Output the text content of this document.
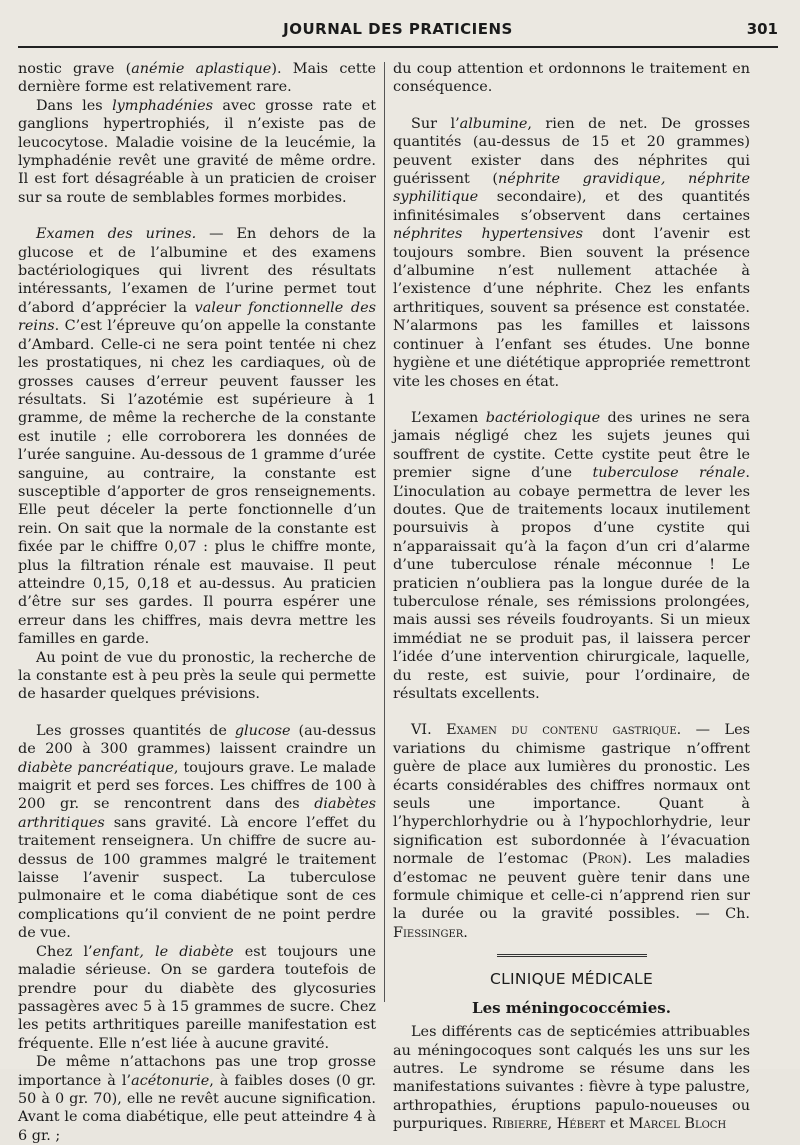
JOURNAL DES PRATICIENS	301

nostic grave (anémie aplastique). Mais cette dernière forme est relativement rare.

Dans les lymphadénies avec grosse rate et ganglions hypertrophiés, il n’existe pas de leucocytose. Maladie voisine de la leucémie, la lymphadénie revêt une gravité de même ordre. Il est fort désagréable à un praticien de croiser sur sa route de semblables formes morbides.

Examen des urines. — En dehors de la glucose et de l’albumine et des examens bactériologiques qui livrent des résultats intéressants, l’examen de l’urine permet tout d’abord d’apprécier la valeur fonctionnelle des reins. C’est l’épreuve qu’on appelle la constante d’Ambard. Celle-ci ne sera point tentée ni chez les prostatiques, ni chez les cardiaques, où de grosses causes d’erreur peuvent fausser les résultats. Si l’azotémie est supérieure à 1 gramme, de même la recherche de la constante est inutile ; elle corroborera les données de l’urée sanguine. Au-dessous de 1 gramme d’urée sanguine, au contraire, la constante est susceptible d’apporter de gros renseignements. Elle peut déceler la perte fonctionnelle d’un rein. On sait que la normale de la constante est fixée par le chiffre 0,07 : plus le chiffre monte, plus la filtration rénale est mauvaise. Il peut atteindre 0,15, 0,18 et au-dessus. Au praticien d’être sur ses gardes. Il pourra espérer une erreur dans les chiffres, mais devra mettre les familles en garde.

Au point de vue du pronostic, la recherche de la constante est à peu près la seule qui permette de hasarder quelques prévisions.

Les grosses quantités de glucose (au-dessus de 200 à 300 grammes) laissent craindre un diabète pancréatique, toujours grave. Le malade maigrit et perd ses forces. Les chiffres de 100 à 200 gr. se rencontrent dans des diabètes arthritiques sans gravité. Là encore l’effet du traitement renseignera. Un chiffre de sucre au-dessus de 100 grammes malgré le traitement laisse l’avenir suspect. La tuberculose pulmonaire et le coma diabétique sont de ces complications qu’il convient de ne point perdre de vue.

Chez l’enfant, le diabète est toujours une maladie sérieuse. On se gardera toutefois de prendre pour du diabète des glycosuries passagères avec 5 à 15 grammes de sucre. Chez les petits arthritiques pareille manifestation est fréquente. Elle n’est liée à aucune gravité.

De même n’attachons pas une trop grosse importance à l’acétonurie, à faibles doses (0 gr. 50 à 0 gr. 70), elle ne revêt aucune signification. Avant le coma diabétique, elle peut atteindre 4 à 6 gr. ;

du coup attention et ordonnons le traitement en conséquence.

Sur l’albumine, rien de net. De grosses quantités (au-dessus de 15 et 20 grammes) peuvent exister dans des néphrites qui guérissent (néphrite gravidique, néphrite syphilitique secondaire), et des quantités infinitésimales s’observent dans certaines néphrites hypertensives dont l’avenir est toujours sombre. Bien souvent la présence d’albumine n’est nullement attachée à l’existence d’une néphrite. Chez les enfants arthritiques, souvent sa présence est constatée. N’alarmons pas les familles et laissons continuer à l’enfant ses études. Une bonne hygiène et une diététique appropriée remettront vite les choses en état.

L’examen bactériologique des urines ne sera jamais négligé chez les sujets jeunes qui souffrent de cystite. Cette cystite peut être le premier signe d’une tuberculose rénale. L’inoculation au cobaye permettra de lever les doutes. Que de traitements locaux inutilement poursuivis à propos d’une cystite qui n’apparaissait qu’à la façon d’un cri d’alarme d’une tuberculose rénale méconnue ! Le praticien n’oubliera pas la longue durée de la tuberculose rénale, ses rémissions prolongées, mais aussi ses réveils foudroyants. Si un mieux immédiat ne se produit pas, il laissera percer l’idée d’une intervention chirurgicale, laquelle, du reste, est suivie, pour l’ordinaire, de résultats excellents.

VI. Examen du contenu gastrique. — Les variations du chimisme gastrique n’offrent guère de place aux lumières du pronostic. Les écarts considérables des chiffres normaux ont seuls une importance. Quant à l’hyperchlorhydrie ou à l’hypochlorhydrie, leur signification est subordonnée à l’évacuation normale de l’estomac (Pron). Les maladies d’estomac ne peuvent guère tenir dans une formule chimique et celle-ci n’apprend rien sur la durée ou la gravité possibles. — Ch. Fiessinger.

CLINIQUE MÉDICALE
Les méningococcémies.

Les différents cas de septicémies attribuables au méningocoques sont calqués les uns sur les autres. Le syndrome se résume dans les manifestations suivantes : fièvre à type palustre, arthropathies, éruptions papulo-noueuses ou purpuriques. Ribierre, Hébert et Marcel Bloch
